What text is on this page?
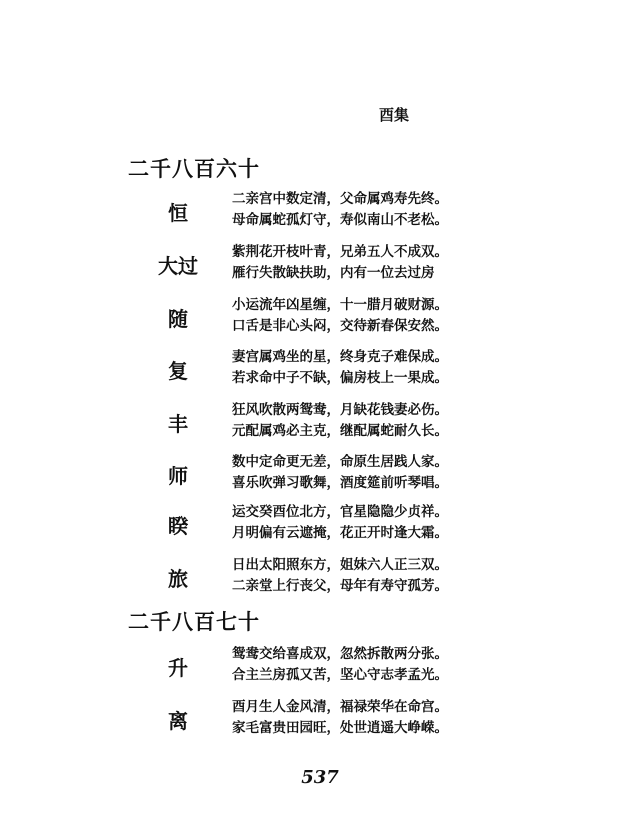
酉集
二千八百六十
恒
二亲宫中数定清，父命属鸡寿先终。
母命属蛇孤灯守，寿似南山不老松。
大过
紫荆花开枝叶青，兄弟五人不成双。
雁行失散缺扶助，内有一位去过房
随
小运流年凶星缠，十一腊月破财源。
口舌是非心头闷，交待新春保安然。
复
妻宫属鸡坐的星，终身克子难保成。
若求命中子不缺，偏房枝上一果成。
丰
狂风吹散两鸳鸯，月缺花钱妻必伤。
元配属鸡必主克，继配属蛇耐久长。
师
数中定命更无差，命原生居践人家。
喜乐吹弹习歌舞，酒度筵前听琴唱。
睽
运交癸酉位北方，官星隐隐少贞祥。
月明偏有云遮掩，花正开时逢大霜。
旅
日出太阳照东方，姐妹六人正三双。
二亲堂上行丧父，母年有寿守孤芳。
二千八百七十
升
鸳鸯交给喜成双，忽然拆散两分张。
合主兰房孤又苦，坚心守志孝孟光。
离
酉月生人金风清，福禄荣华在命宫。
家毛富贵田园旺，处世逍遥大峥嵘。
537
